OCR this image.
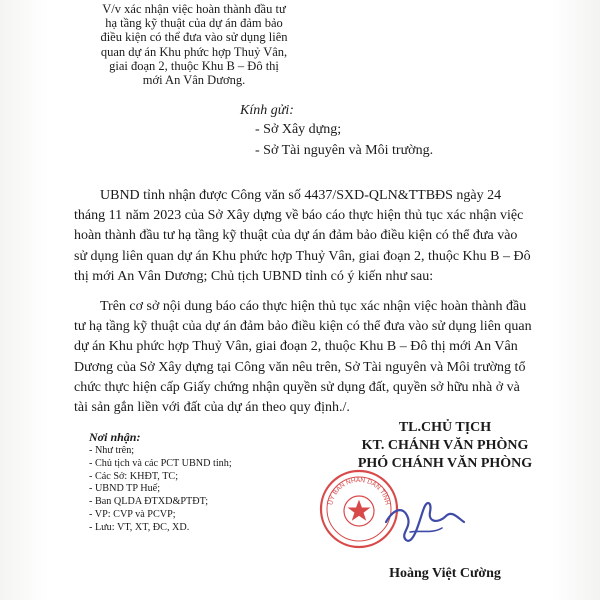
V/v xác nhận việc hoàn thành đầu tư
hạ tầng kỹ thuật của dự án đảm bảo
điều kiện có thể đưa vào sử dụng liên
quan dự án Khu phức hợp Thuỷ Vân,
giai đoạn 2, thuộc Khu B – Đô thị
mới An Vân Dương.
Kính gửi:
- Sở Xây dựng;
- Sở Tài nguyên và Môi trường.
UBND tỉnh nhận được Công văn số 4437/SXD-QLN&TTBĐS ngày 24
tháng 11 năm 2023 của Sở Xây dựng về báo cáo thực hiện thủ tục xác nhận việc
hoàn thành đầu tư hạ tầng kỹ thuật của dự án đảm bảo điều kiện có thể đưa vào
sử dụng liên quan dự án Khu phức hợp Thuỷ Vân, giai đoạn 2, thuộc Khu B – Đô
thị mới An Vân Dương; Chủ tịch UBND tỉnh có ý kiến như sau:
Trên cơ sở nội dung báo cáo thực hiện thủ tục xác nhận việc hoàn thành đầu
tư hạ tầng kỹ thuật của dự án đảm bảo điều kiện có thể đưa vào sử dụng liên quan
dự án Khu phức hợp Thuỷ Vân, giai đoạn 2, thuộc Khu B – Đô thị mới An Vân
Dương của Sở Xây dựng tại Công văn nêu trên, Sở Tài nguyên và Môi trường tổ
chức thực hiện cấp Giấy chứng nhận quyền sử dụng đất, quyền sở hữu nhà ở và
tài sản gắn liền với đất của dự án theo quy định./.
Nơi nhận:
- Như trên;
- Chủ tịch và các PCT UBND tỉnh;
- Các Sở: KHĐT, TC;
- UBND TP Huế;
- Ban QLDA ĐTXD&PTĐT;
- VP: CVP và PCVP;
- Lưu: VT, XT, ĐC, XD.
TL.CHỦ TỊCH
KT. CHÁNH VĂN PHÒNG
PHÓ CHÁNH VĂN PHÒNG
ỦY BAN NHÂN DÂN TỈNH
Hoàng Việt Cường
